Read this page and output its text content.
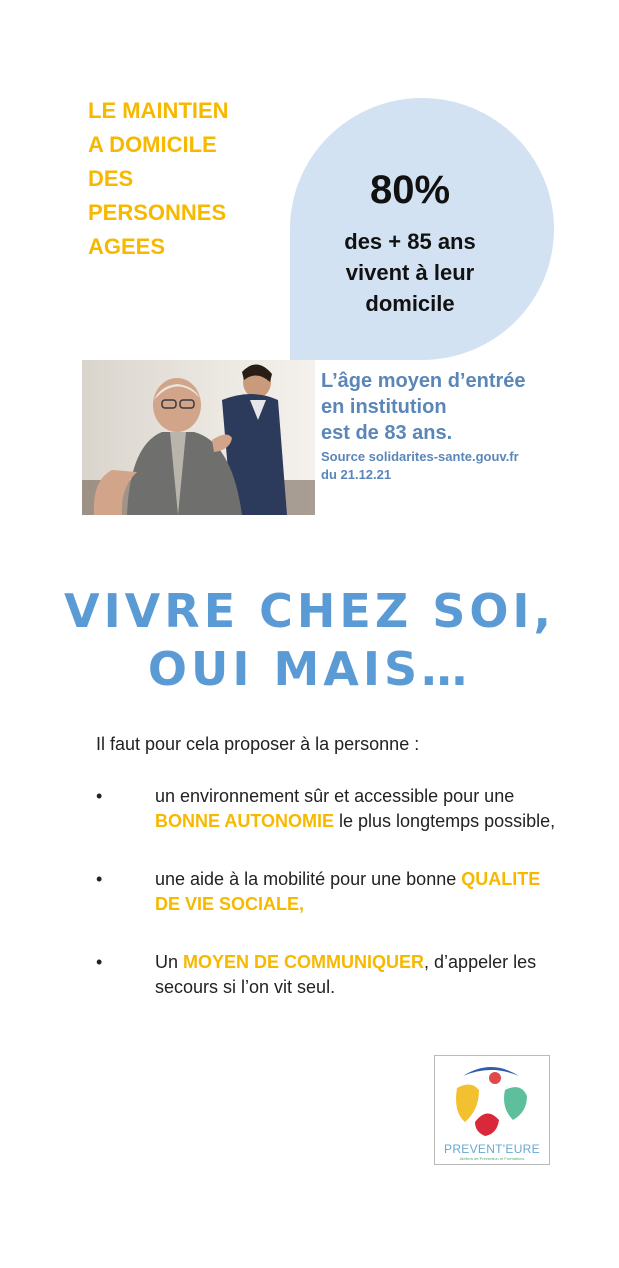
LE MAINTIEN
A DOMICILE
DES
PERSONNES
AGEES
80%
des + 85 ans
vivent à leur
domicile
L’âge moyen d’entrée
en institution
est de 83 ans.
Source solidarites-sante.gouv.fr
du 21.12.21
VIVRE CHEZ SOI,
OUI MAIS…
Il faut pour cela proposer à la personne :
•	un environnement sûr et accessible pour une BONNE AUTONOMIE le plus longtemps possible,
•	une aide à la mobilité pour une bonne QUALITE DE VIE SOCIALE,
•	Un MOYEN DE COMMUNIQUER, d’appeler les secours si l’on vit seul.
PREVENT'EURE
Ateliers de Prévention et Formations
